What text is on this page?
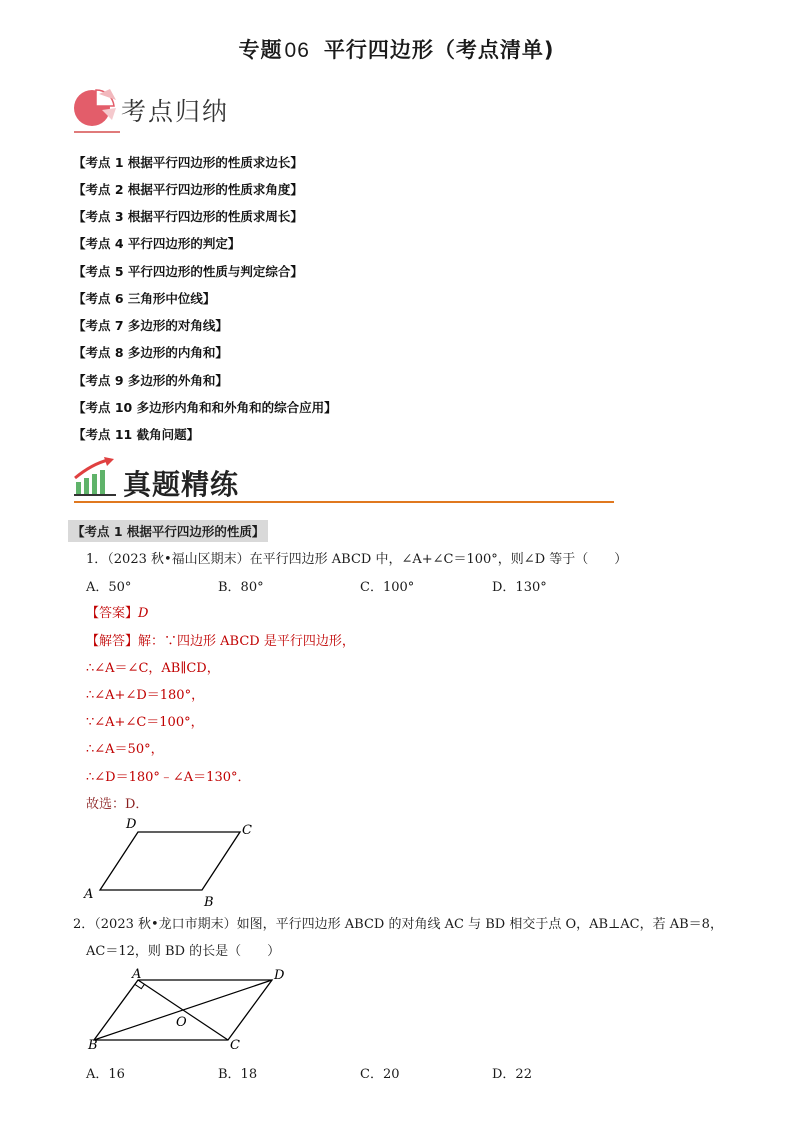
专题06 平行四边形（考点清单)
考点归纳
【考点 1 根据平行四边形的性质求边长】
【考点 2 根据平行四边形的性质求角度】
【考点 3 根据平行四边形的性质求周长】
【考点 4 平行四边形的判定】
【考点 5 平行四边形的性质与判定综合】
【考点 6 三角形中位线】
【考点 7 多边形的对角线】
【考点 8 多边形的内角和】
【考点 9 多边形的外角和】
【考点 10 多边形内角和和外角和的综合应用】
【考点 11 截角问题】
真题精练
【考点 1 根据平行四边形的性质】
1．（2023 秋•福山区期末）在平行四边形 ABCD 中，∠A+∠C＝100°，则∠D 等于（　　）
A．50°	B．80°	C．100°	D．130°
【答案】D
【解答】解：∵四边形 ABCD 是平行四边形，
∴∠A＝∠C，AB∥CD，
∴∠A+∠D＝180°，
∵∠A+∠C＝100°，
∴∠A＝50°，
∴∠D＝180°﹣∠A＝130°．
故选：D．
A
B
C
D
2．（2023 秋•龙口市期末）如图，平行四边形 ABCD 的对角线 AC 与 BD 相交于点 O，AB⊥AC，若 AB＝8，
AC＝12，则 BD 的长是（　　）
A
B	C
D
O
A．16	B．18	C．20	D．22
